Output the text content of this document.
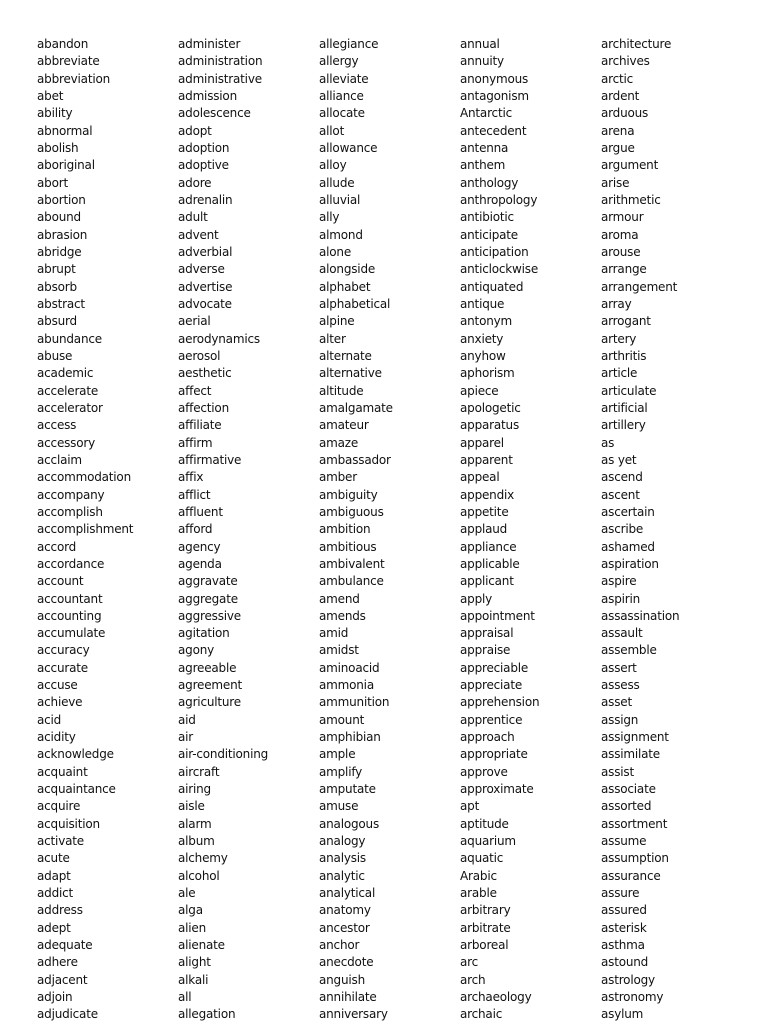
abandon
abbreviate
abbreviation
abet
ability
abnormal
abolish
aboriginal
abort
abortion
abound
abrasion
abridge
abrupt
absorb
abstract
absurd
abundance
abuse
academic
accelerate
accelerator
access
accessory
acclaim
accommodation
accompany
accomplish
accomplishment
accord
accordance
account
accountant
accounting
accumulate
accuracy
accurate
accuse
achieve
acid
acidity
acknowledge
acquaint
acquaintance
acquire
acquisition
activate
acute
adapt
addict
address
adept
adequate
adhere
adjacent
adjoin
adjudicate
administer
administration
administrative
admission
adolescence
adopt
adoption
adoptive
adore
adrenalin
adult
advent
adverbial
adverse
advertise
advocate
aerial
aerodynamics
aerosol
aesthetic
affect
affection
affiliate
affirm
affirmative
affix
afflict
affluent
afford
agency
agenda
aggravate
aggregate
aggressive
agitation
agony
agreeable
agreement
agriculture
aid
air
air-conditioning
aircraft
airing
aisle
alarm
album
alchemy
alcohol
ale
alga
alien
alienate
alight
alkali
all
allegation
allegiance
allergy
alleviate
alliance
allocate
allot
allowance
alloy
allude
alluvial
ally
almond
alone
alongside
alphabet
alphabetical
alpine
alter
alternate
alternative
altitude
amalgamate
amateur
amaze
ambassador
amber
ambiguity
ambiguous
ambition
ambitious
ambivalent
ambulance
amend
amends
amid
amidst
aminoacid
ammonia
ammunition
amount
amphibian
ample
amplify
amputate
amuse
analogous
analogy
analysis
analytic
analytical
anatomy
ancestor
anchor
anecdote
anguish
annihilate
anniversary
annual
annuity
anonymous
antagonism
Antarctic
antecedent
antenna
anthem
anthology
anthropology
antibiotic
anticipate
anticipation
anticlockwise
antiquated
antique
antonym
anxiety
anyhow
aphorism
apiece
apologetic
apparatus
apparel
apparent
appeal
appendix
appetite
applaud
appliance
applicable
applicant
apply
appointment
appraisal
appraise
appreciable
appreciate
apprehension
apprentice
approach
appropriate
approve
approximate
apt
aptitude
aquarium
aquatic
Arabic
arable
arbitrary
arbitrate
arboreal
arc
arch
archaeology
archaic
architecture
archives
arctic
ardent
arduous
arena
argue
argument
arise
arithmetic
armour
aroma
arouse
arrange
arrangement
array
arrogant
artery
arthritis
article
articulate
artificial
artillery
as
as yet
ascend
ascent
ascertain
ascribe
ashamed
aspiration
aspire
aspirin
assassination
assault
assemble
assert
assess
asset
assign
assignment
assimilate
assist
associate
assorted
assortment
assume
assumption
assurance
assure
assured
asterisk
asthma
astound
astrology
astronomy
asylum
